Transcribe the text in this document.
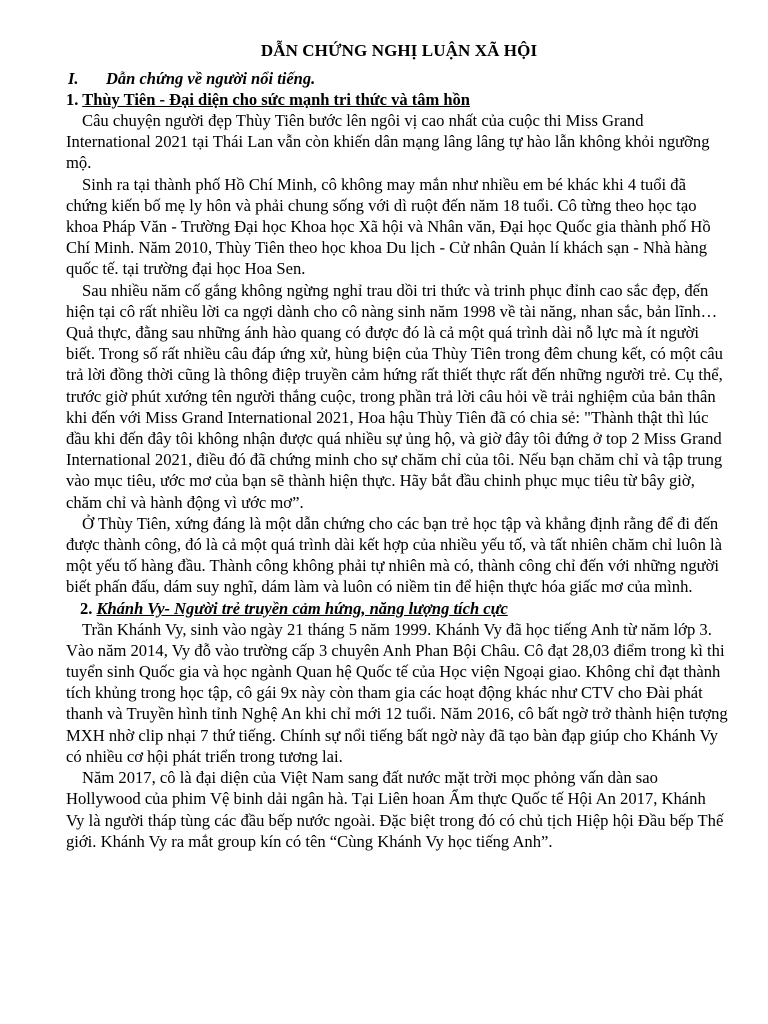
DẪN CHỨNG NGHỊ LUẬN XÃ HỘI
I.	Dẫn chứng về người nổi tiếng.
1. Thùy Tiên - Đại diện cho sức mạnh tri thức và tâm hồn

Câu chuyện người đẹp Thùy Tiên bước lên ngôi vị cao nhất của cuộc thi Miss Grand International 2021 tại Thái Lan vẫn còn khiến dân mạng lâng lâng tự hào lẫn không khỏi ngưỡng mộ.

Sinh ra tại thành phố Hồ Chí Minh, cô không may mắn như nhiều em bé khác khi 4 tuổi đã chứng kiến bố mẹ ly hôn và phải chung sống với dì ruột đến năm 18 tuổi. Cô từng theo học tạo khoa Pháp Văn - Trường Đại học Khoa học Xã hội và Nhân văn, Đại học Quốc gia thành phố Hồ Chí Minh. Năm 2010, Thùy Tiên theo học khoa Du lịch - Cử nhân Quản lí khách sạn - Nhà hàng quốc tế. tại trường đại học Hoa Sen.

Sau nhiều năm cố gắng không ngừng nghỉ trau dồi tri thức và trinh phục đỉnh cao sắc đẹp, đến hiện tại cô rất nhiều lời ca ngợi dành cho cô nàng sinh năm 1998 về tài năng, nhan sắc, bản lĩnh… Quả thực, đằng sau những ánh hào quang có được đó là cả một quá trình dài nỗ lực mà ít người biết. Trong số rất nhiều câu đáp ứng xử, hùng biện của Thùy Tiên trong đêm chung kết, có một câu trả lời đồng thời cũng là thông điệp truyền cảm hứng rất thiết thực rất đến những người trẻ. Cụ thể, trước giờ phút xướng tên người thắng cuộc, trong phần trả lời câu hỏi về trải nghiệm của bản thân khi đến với Miss Grand International 2021, Hoa hậu Thùy Tiên đã có chia sẻ: "Thành thật thì lúc đầu khi đến đây tôi không nhận được quá nhiều sự ủng hộ, và giờ đây tôi đứng ở top 2 Miss Grand International 2021, điều đó đã chứng minh cho sự chăm chỉ của tôi. Nếu bạn chăm chỉ và tập trung vào mục tiêu, ước mơ của bạn sẽ thành hiện thực. Hãy bắt đầu chinh phục mục tiêu từ bây giờ, chăm chỉ và hành động vì ước mơ”.

Ở Thùy Tiên, xứng đáng là một dẫn chứng cho các bạn trẻ học tập và khẳng định rằng để đi đến được thành công, đó là cả một quá trình dài kết hợp của nhiều yếu tố, và tất nhiên chăm chỉ luôn là một yếu tố hàng đầu. Thành công không phải tự nhiên mà có, thành công chỉ đến với những người biết phấn đấu, dám suy nghĩ, dám làm và luôn có niềm tin để hiện thực hóa giấc mơ của mình.

2. Khánh Vy- Người trẻ truyền cảm hứng, năng lượng tích cực

Trần Khánh Vy, sinh vào ngày 21 tháng 5 năm 1999. Khánh Vy đã học tiếng Anh từ năm lớp 3. Vào năm 2014, Vy đỗ vào trường cấp 3 chuyên Anh Phan Bội Châu. Cô đạt 28,03 điểm trong kì thi tuyển sinh Quốc gia và học ngành Quan hệ Quốc tế của Học viện Ngoại giao. Không chỉ đạt thành tích khủng trong học tập, cô gái 9x này còn tham gia các hoạt động khác như CTV cho Đài phát thanh và Truyền hình tỉnh Nghệ An khi chỉ mới 12 tuổi. Năm 2016, cô bất ngờ trở thành hiện tượng MXH nhờ clip nhại 7 thứ tiếng. Chính sự nổi tiếng bất ngờ này đã tạo bàn đạp giúp cho Khánh Vy có nhiều cơ hội phát triển trong tương lai.

Năm 2017, cô là đại diện của Việt Nam sang đất nước mặt trời mọc phỏng vấn dàn sao Hollywood của phim Vệ binh dải ngân hà. Tại Liên hoan Ẩm thực Quốc tế Hội An 2017, Khánh Vy là người tháp tùng các đầu bếp nước ngoài. Đặc biệt trong đó có chủ tịch Hiệp hội Đầu bếp Thế giới. Khánh Vy ra mắt group kín có tên “Cùng Khánh Vy học tiếng Anh”.
